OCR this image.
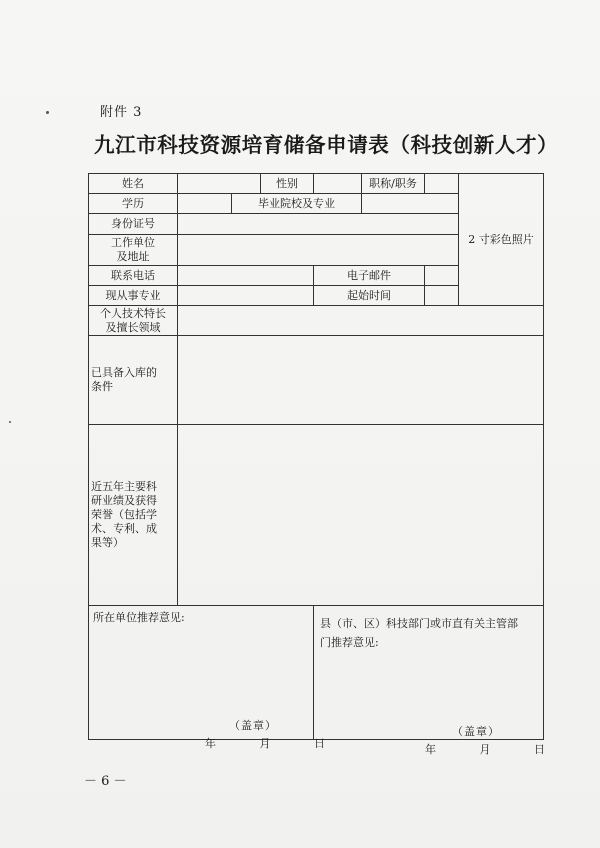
附件 3
九江市科技资源培育储备申请表（科技创新人才）
姓名			性别		职称/职务		2 寸彩色照片
学历		毕业院校及专业					
身份证号							

工作单位
及地址							

联系电话				电子邮件			
现从事专业				起始时间			

个人技术特长
及擅长领域							

已具备入库的
条件							

近五年主要科
研业绩及获得
荣誉（包括学
术、专利、成
果等）							

所在单位推荐意见:				县（市、区）科技部门或市直有关主管部
门推荐意见:			
（盖章）
年 月 日
（盖章）
年 月 日
－ 6 －
